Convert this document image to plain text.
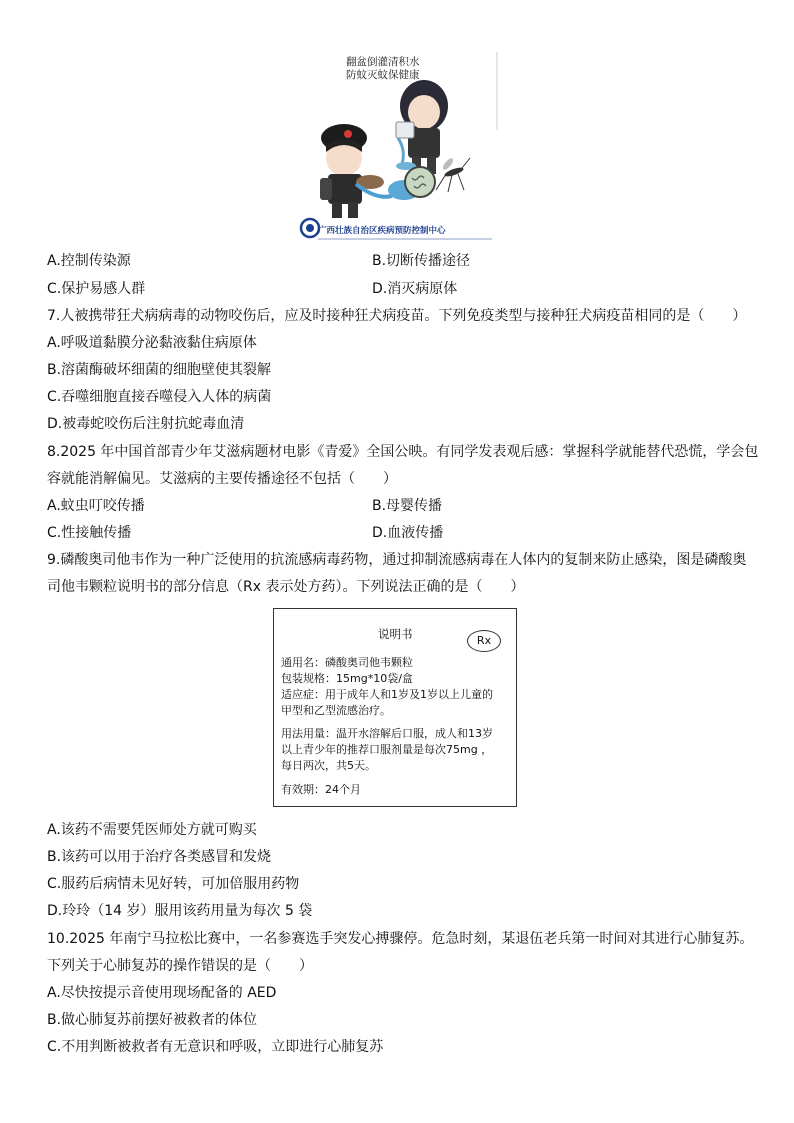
翻盆倒灌清积水
防蚊灭蚊保健康
广西壮族自治区疾病预防控制中心
A.控制传染源	B.切断传播途径
C.保护易感人群	D.消灭病原体
7.人被携带狂犬病病毒的动物咬伤后，应及时接种狂犬病疫苗。下列免疫类型与接种狂犬病疫苗相同的是（　　）
A.呼吸道黏膜分泌黏液黏住病原体
B.溶菌酶破坏细菌的细胞壁使其裂解
C.吞噬细胞直接吞噬侵入人体的病菌
D.被毒蛇咬伤后注射抗蛇毒血清
8.2025 年中国首部青少年艾滋病题材电影《青爱》全国公映。有同学发表观后感：掌握科学就能替代恐慌，学会包
容就能消解偏见。艾滋病的主要传播途径不包括（　　）
A.蚊虫叮咬传播	B.母婴传播
C.性接触传播	D.血液传播
9.磷酸奥司他韦作为一种广泛使用的抗流感病毒药物，通过抑制流感病毒在人体内的复制来防止感染，图是磷酸奥
司他韦颗粒说明书的部分信息（Rx 表示处方药）。下列说法正确的是（　　）
说明书	Rx
通用名：磷酸奥司他韦颗粒
包装规格：15mg*10袋/盒
适应症：用于成年人和1岁及1岁以上儿童的
甲型和乙型流感治疗。
用法用量：温开水溶解后口服，成人和13岁
以上青少年的推荐口服剂量是每次75mg ，
每日两次，共5天。
有效期：24个月
A.该药不需要凭医师处方就可购买
B.该药可以用于治疗各类感冒和发烧
C.服药后病情未见好转，可加倍服用药物
D.玲玲（14 岁）服用该药用量为每次 5 袋
10.2025 年南宁马拉松比赛中，一名参赛选手突发心搏骤停。危急时刻，某退伍老兵第一时间对其进行心肺复苏。
下列关于心肺复苏的操作错误的是（　　）
A.尽快按提示音使用现场配备的 AED
B.做心肺复苏前摆好被救者的体位
C.不用判断被救者有无意识和呼吸，立即进行心肺复苏
